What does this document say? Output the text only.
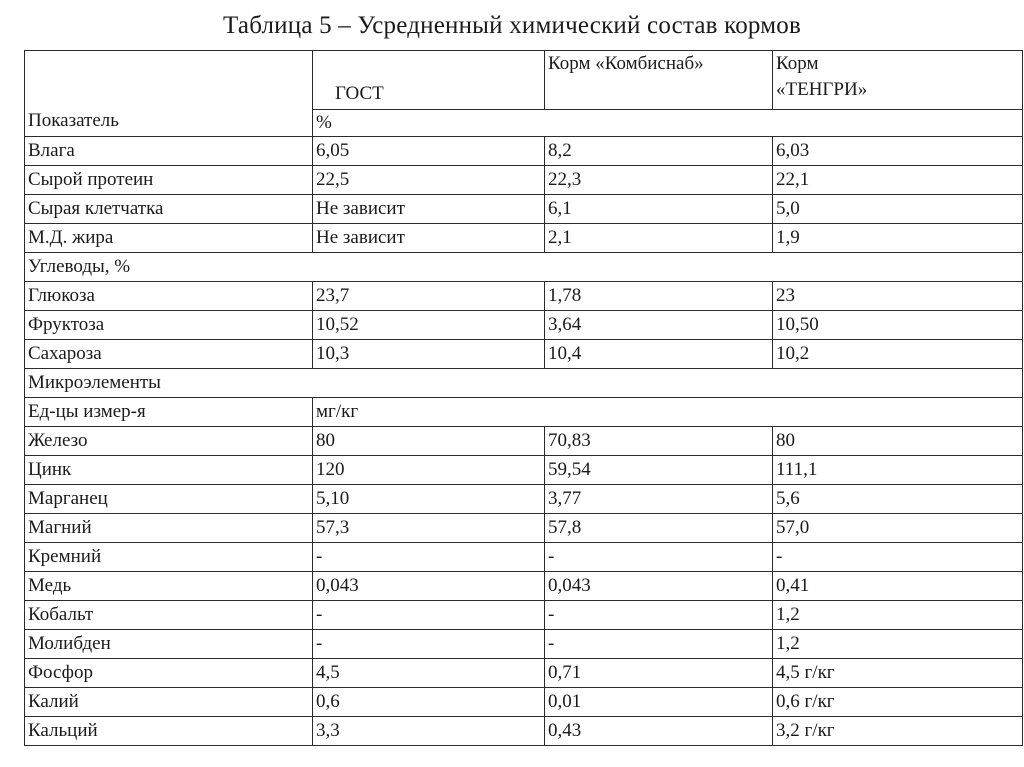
Таблица 5 – Усредненный химический состав кормов
Показатель	ГОСТ	Корм «Комбиснаб»	Корм
«ТЕНГРИ»
	%		
Влага	6,05	8,2	6,03
Сырой протеин	22,5	22,3	22,1
Сырая клетчатка	Не зависит	6,1	5,0
М.Д. жира	Не зависит	2,1	1,9
Углеводы, %			
Глюкоза	23,7	1,78	23
Фруктоза	10,52	3,64	10,50
Сахароза	10,3	10,4	10,2
Микроэлементы			
Ед-цы измер-я	мг/кг		
Железо	80	70,83	80
Цинк	120	59,54	111,1
Марганец	5,10	3,77	5,6
Магний	57,3	57,8	57,0
Кремний	-	-	-
Медь	0,043	0,043	0,41
Кобальт	-	-	1,2
Молибден	-	-	1,2
Фосфор	4,5	0,71	4,5 г/кг
Калий	0,6	0,01	0,6 г/кг
Кальций	3,3	0,43	3,2 г/кг
